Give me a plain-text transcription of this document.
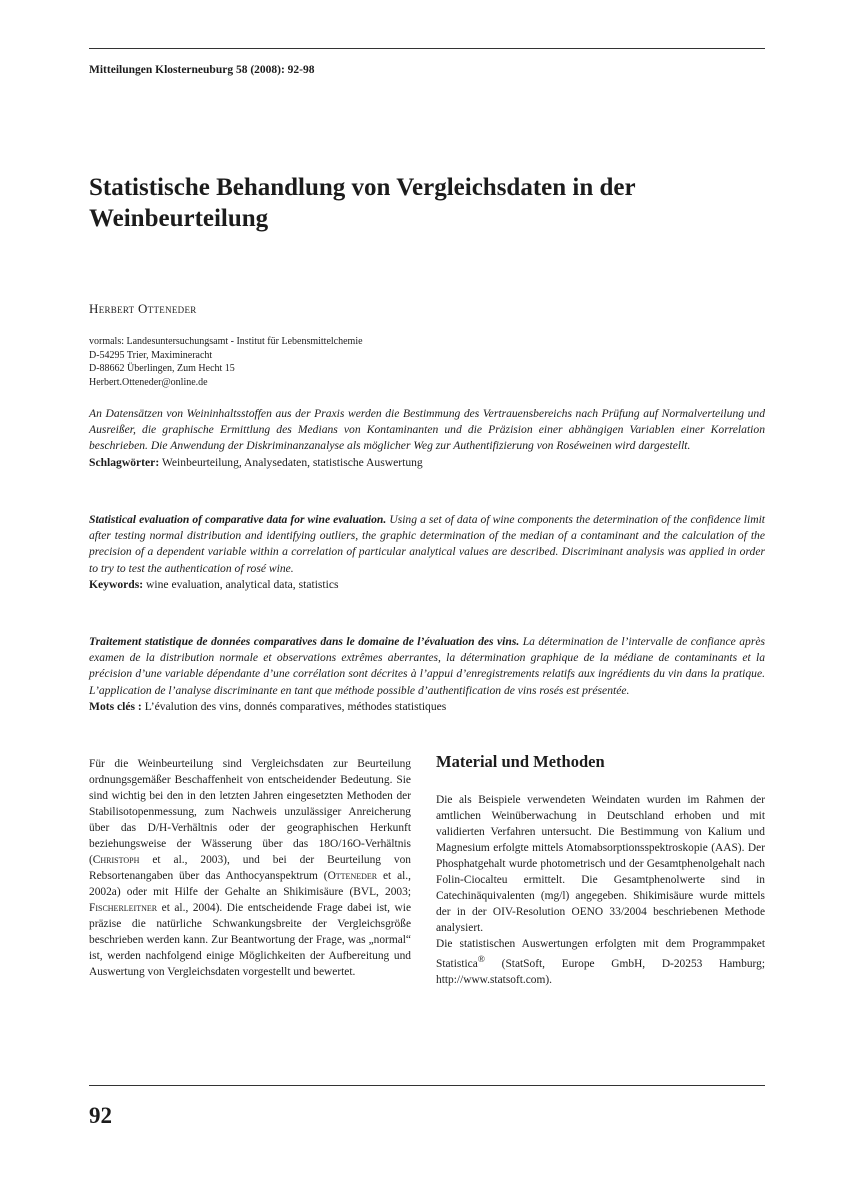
Mitteilungen Klosterneuburg 58 (2008): 92-98
Statistische Behandlung von Vergleichsdaten in der Weinbeurteilung
Herbert Otteneder
vormals: Landesuntersuchungsamt - Institut für Lebensmittelchemie
D-54295 Trier, Maximineracht
D-88662 Überlingen, Zum Hecht 15
Herbert.Otteneder@online.de

An Datensätzen von Weininhaltsstoffen aus der Praxis werden die Bestimmung des Vertrauensbereichs nach Prüfung auf Normalverteilung und Ausreißer, die graphische Ermittlung des Medians von Kontaminanten und die Präzision einer abhängigen Variablen einer Korrelation beschrieben. Die Anwendung der Diskriminanzanalyse als möglicher Weg zur Authentifizierung von Roséweinen wird dargestellt.

Schlagwörter: Weinbeurteilung, Analysedaten, statistische Auswertung

Statistical evaluation of comparative data for wine evaluation. Using a set of data of wine components the determination of the confidence limit after testing normal distribution and identifying outliers, the graphic determination of the median of a contaminant and the calculation of the precision of a dependent variable within a correlation of particular analytical values are described. Discriminant analysis was applied in order to try to test the authentication of rosé wine.

Keywords: wine evaluation, analytical data, statistics

Traitement statistique de données comparatives dans le domaine de l’évaluation des vins. La détermination de l’intervalle de confiance après examen de la distribution normale et observations extrêmes aberrantes, la détermination graphique de la médiane de contaminants et la précision d’une variable dépendante d’une corrélation sont décrites à l’appui d’enregistrements relatifs aux ingrédients du vin dans la pratique. L’application de l’analyse discriminante en tant que méthode possible d’authentification de vins rosés est présentée.

Mots clés : L’évalution des vins, donnés comparatives, méthodes statistiques

Für die Weinbeurteilung sind Vergleichsdaten zur Beurteilung ordnungsgemäßer Beschaffenheit von entscheidender Bedeutung. Sie sind wichtig bei den in den letzten Jahren eingesetzten Methoden der Stabilisotopenmessung, zum Nachweis unzulässiger Anreicherung über das D/H-Verhältnis oder der geographischen Herkunft beziehungsweise der Wässerung über das 18O/16O-Verhältnis (Christoph et al., 2003), und bei der Beurteilung von Rebsortenangaben über das Anthocyanspektrum (Otteneder et al., 2002a) oder mit Hilfe der Gehalte an Shikimisäure (BVL, 2003; Fischerleitner et al., 2004). Die entscheidende Frage dabei ist, wie präzise die natürliche Schwankungsbreite der Vergleichsgröße beschrieben werden kann. Zur Beantwortung der Frage, was „normal“ ist, werden nachfolgend einige Möglichkeiten der Aufbereitung und Auswertung von Vergleichsdaten vorgestellt und bewertet.

Material und Methoden

Die als Beispiele verwendeten Weindaten wurden im Rahmen der amtlichen Weinüberwachung in Deutschland erhoben und mit validierten Verfahren untersucht. Die Bestimmung von Kalium und Magnesium erfolgte mittels Atomabsorptionsspektroskopie (AAS). Der Phosphatgehalt wurde photometrisch und der Gesamtphenolgehalt nach Folin-Ciocalteu ermittelt. Die Gesamtphenolwerte sind in Catechinäquivalenten (mg/l) angegeben. Shikimisäure wurde mittels der in der OIV-Resolution OENO 33/2004 beschriebenen Methode analysiert.

Die statistischen Auswertungen erfolgten mit dem Programmpaket Statistica® (StatSoft, Europe GmbH, D-20253 Hamburg; http://www.statsoft.com).

92
